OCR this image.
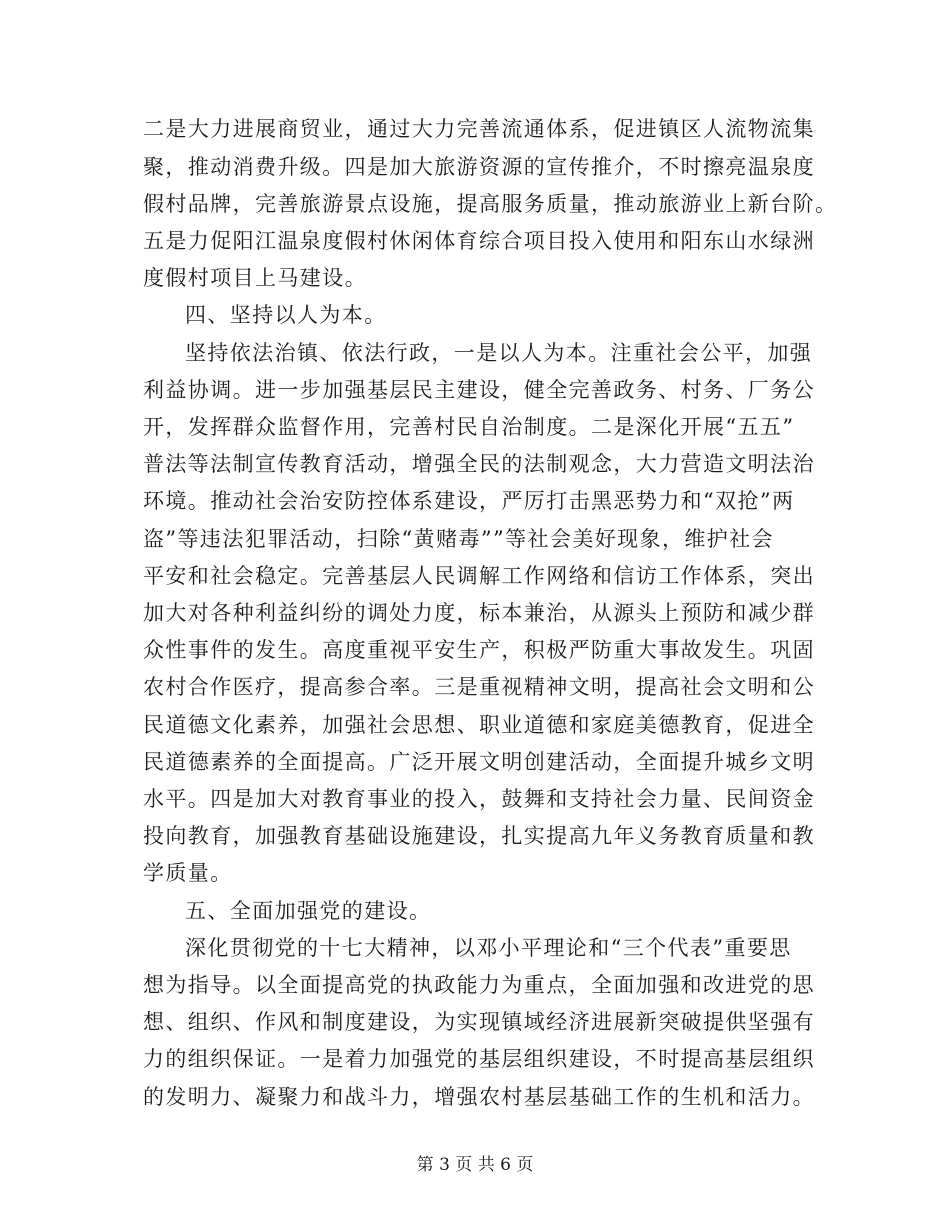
二是大力进展商贸业，通过大力完善流通体系，促进镇区人流物流集
聚，推动消费升级。四是加大旅游资源的宣传推介，不时擦亮温泉度
假村品牌，完善旅游景点设施，提高服务质量，推动旅游业上新台阶。
五是力促阳江温泉度假村休闲体育综合项目投入使用和阳东山水绿洲
度假村项目上马建设。
四、坚持以人为本。
坚持依法治镇、依法行政，一是以人为本。注重社会公平，加强
利益协调。进一步加强基层民主建设，健全完善政务、村务、厂务公
开，发挥群众监督作用，完善村民自治制度。二是深化开展“五五”
普法等法制宣传教育活动，增强全民的法制观念，大力营造文明法治
环境。推动社会治安防控体系建设，严厉打击黑恶势力和“双抢”两
盗”等违法犯罪活动，扫除“黄赌毒””等社会美好现象，维护社会
平安和社会稳定。完善基层人民调解工作网络和信访工作体系，突出
加大对各种利益纠纷的调处力度，标本兼治，从源头上预防和减少群
众性事件的发生。高度重视平安生产，积极严防重大事故发生。巩固
农村合作医疗，提高参合率。三是重视精神文明，提高社会文明和公
民道德文化素养，加强社会思想、职业道德和家庭美德教育，促进全
民道德素养的全面提高。广泛开展文明创建活动，全面提升城乡文明
水平。四是加大对教育事业的投入，鼓舞和支持社会力量、民间资金
投向教育，加强教育基础设施建设，扎实提高九年义务教育质量和教
学质量。
五、全面加强党的建设。
深化贯彻党的十七大精神，以邓小平理论和“三个代表”重要思
想为指导。以全面提高党的执政能力为重点，全面加强和改进党的思
想、组织、作风和制度建设，为实现镇域经济进展新突破提供坚强有
力的组织保证。一是着力加强党的基层组织建设，不时提高基层组织
的发明力、凝聚力和战斗力，增强农村基层基础工作的生机和活力。
第 3 页 共 6 页
